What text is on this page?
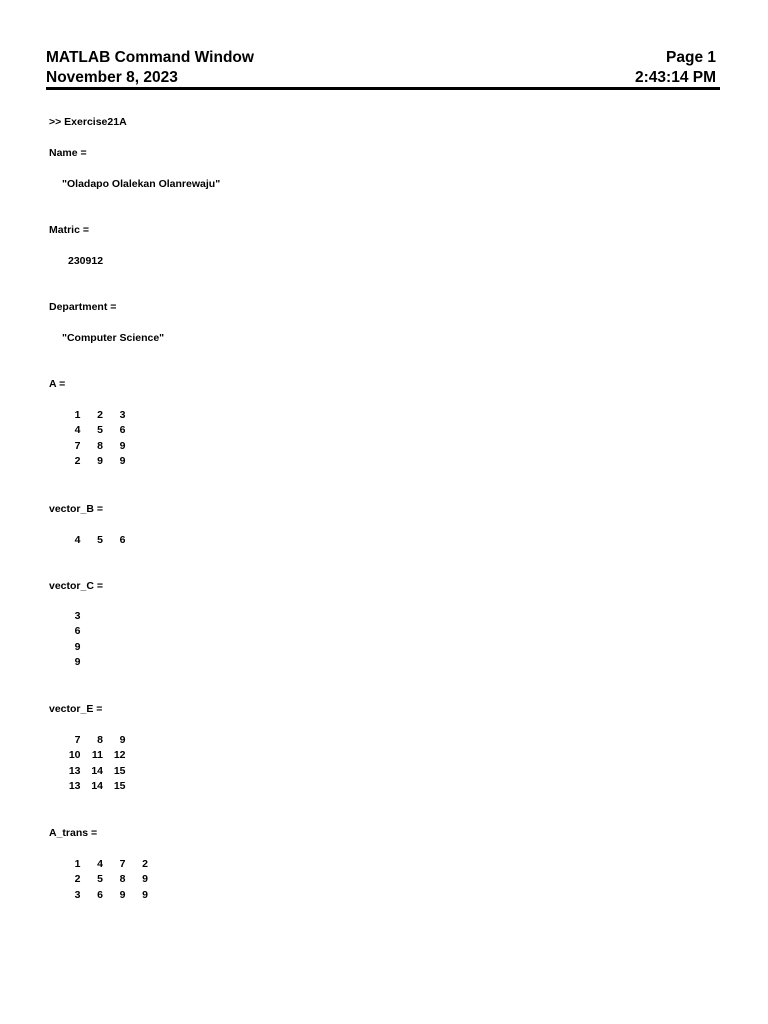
MATLAB Command Window
November 8, 2023
Page 1
2:43:14 PM
>> Exercise21A
Name =
"Oladapo Olalekan Olanrewaju"
Matric =
230912
Department =
"Computer Science"
A =
1	2	3
4	5	6
7	8	9
2	9	9
vector_B =
4	5	6
vector_C =
3
6
9
9
vector_E =
7	8	9
10	11	12
13	14	15
13	14	15
A_trans =
1	4	7	2
2	5	8	9
3	6	9	9
